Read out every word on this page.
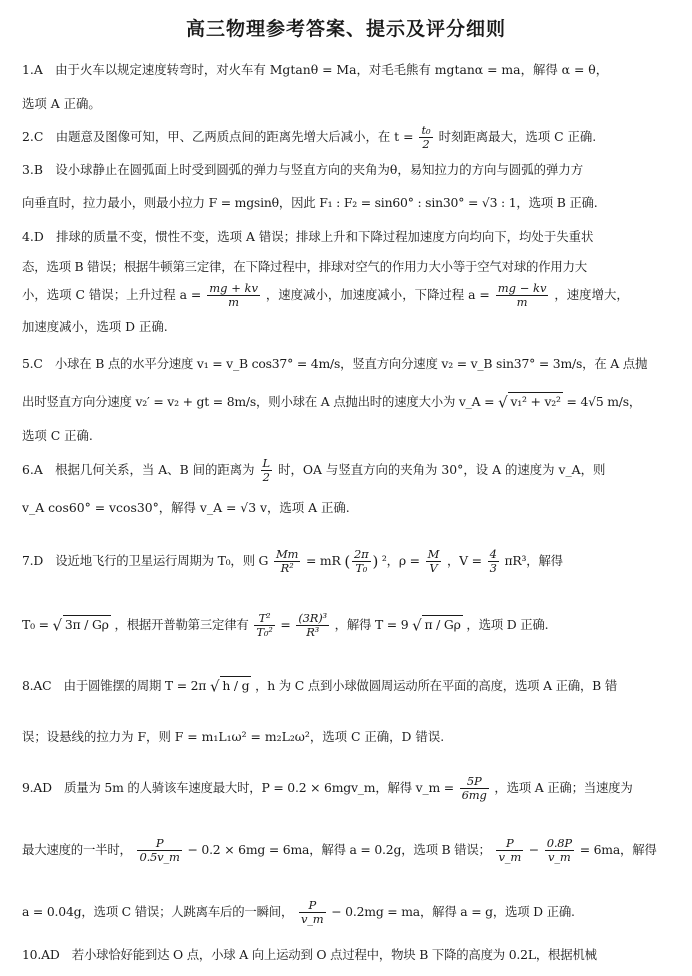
高三物理参考答案、提示及评分细则
1.A　由于火车以规定速度转弯时，对火车有 Mgtanθ = Ma，对毛毛熊有 mgtanα = ma，解得 α = θ，
选项 A 正确。
2.C　由题意及图像可知，甲、乙两质点间的距离先增大后减小，在 $t = \frac{\text{t₀}}{2}$ 时刻距离最大，选项 C 正确.
3.B　设小球静止在圆弧面上时受到圆弧的弹力与竖直方向的夹角为θ，易知拉力的方向与圆弧的弹力方
向垂直时，拉力最小，则最小拉力 F = mgsinθ，因此 F₁ : F₂ = sin60° : sin30° = √3 : 1，选项 B 正确.
4.D　排球的质量不变，惯性不变，选项 A 错误；排球上升和下降过程加速度方向均向下，均处于失重状
态，选项 B 错误；根据牛顿第三定律，在下降过程中，排球对空气的作用力大小等于空气对球的作用力大
小，选项 C 错误；上升过程 $a = \frac{mg + kv}{m}$ ，速度减小，加速度减小，下降过程 $a = \frac{mg - kv}{m}$ ，速度增大，
加速度减小，选项 D 正确.
5.C　小球在 B 点的水平分速度 v₁ = v_B cos37° = 4m/s，竖直方向分速度 v₂ = v_B sin37° = 3m/s，在 A 点抛
出时竖直方向分速度 v₂′ = v₂ + gt = 8m/s，则小球在 A 点抛出时的速度大小为 v_A = √ v₁² + v₂² = 4√5 m/s，
选项 C 正确.
6.A　根据几何关系，当 A、B 间的距离为 $\frac{L}{2}$ 时，OA 与竖直方向的夹角为 30°，设 A 的速度为 v_A，则
v_A cos60° = vcos30°，解得 v_A = √3 v，选项 A 正确.
7.D　设近地飞行的卫星运行周期为 T₀，则 G $\frac{Mm}{\text{R²}}$ = mR ( $\frac{2\pi}{\text{T₀}}$ ) ²，$\rho = \frac{M}{V}$ ，$V = \frac{4}{3} \pi R^3$，解得
T₀ = √ 3π / Gρ ，根据开普勒第三定律有 $\frac{\text{T²}}{\text{T₀²}} = \frac{\text{(3R)³}}{\text{R³}}$ ，解得 T = 9 √ π / Gρ ，选项 D 正确.
8.AC　由于圆锥摆的周期 T = 2π √ h / g ，h 为 C 点到小球做圆周运动所在平面的高度，选项 A 正确，B 错
误；设悬线的拉力为 F，则 F = m₁L₁ω² = m₂L₂ω²，选项 C 正确，D 错误.
9.AD　质量为 5m 的人骑该车速度最大时，P = 0.2 × 6mgv_m，解得 v_m = $\frac{5P}{6mg}$ ，选项 A 正确；当速度为
最大速度的一半时， $\frac{P}{0.5v\_m} - 0.2 \times 6mg = 6ma$，解得 a = 0.2g，选项 B 错误； $\frac{P}{v\_m} - \frac{0.8P}{v\_m} = 6ma$，解得
a = 0.04g，选项 C 错误；人跳离车后的一瞬间， $\frac{P}{v\_m} - 0.2mg$ = ma，解得 a = g，选项 D 正确.
10.AD　若小球恰好能到达 O 点，小球 A 向上运动到 O 点过程中，物块 B 下降的高度为 0.2L，根据机械
